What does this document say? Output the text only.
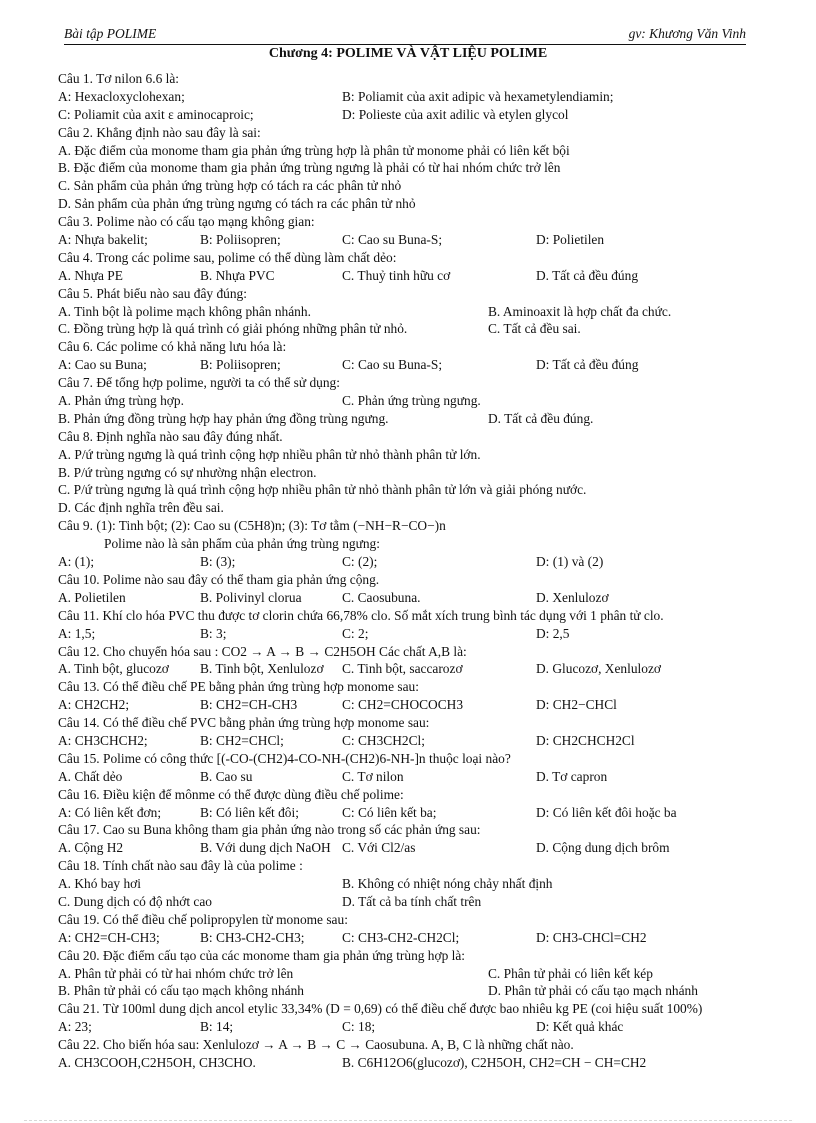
Bài tập POLIME	gv: Khương Văn Vinh
Chương 4: POLIME VÀ VẬT LIỆU POLIME
Câu 1. Tơ nilon 6.6 là:
A: Hexacloxyclohexan;	B: Poliamit của axit adipic và hexametylendiamin;
C: Poliamit của axit ε aminocaproic;	D: Polieste của axit adilic và etylen glycol
Câu 2. Khẳng định nào sau đây là sai:
A. Đặc điểm của monome tham gia phản ứng trùng hợp là phân tử monome phải có liên kết bội
B. Đặc điểm của monome tham gia phản ứng trùng ngưng là phải có từ hai nhóm chức trở lên
C. Sản phẩm của phản ứng trùng hợp có tách ra các phân tử nhỏ
D. Sản phẩm của phản ứng trùng ngưng có tách ra các phân tử nhỏ
Câu 3. Polime nào có cấu tạo mạng không gian:
A: Nhựa bakelit;	B: Poliisopren;	C: Cao su Buna-S;	D: Polietilen
Câu 4. Trong các polime sau, polime có thể dùng làm chất dẻo:
A. Nhựa PE	B. Nhựa PVC	C. Thuỷ tinh hữu cơ	D. Tất cả đều đúng
Câu 5. Phát biểu nào sau đây đúng:
A. Tinh bột là polime mạch không phân nhánh.	B. Aminoaxit là hợp chất đa chức.
C. Đồng trùng hợp là quá trình có giải phóng những phân tử nhỏ.	C. Tất cả đều sai.
Câu 6. Các polime có khả năng lưu hóa là:
A: Cao su Buna;	B: Poliisopren;	C: Cao su Buna-S;	D: Tất cả đều đúng
Câu 7. Để tổng hợp polime, người ta có thể sử dụng:
A. Phản ứng trùng hợp.	C. Phản ứng trùng ngưng.
B. Phản ứng đồng trùng hợp hay phản ứng đồng trùng ngưng.	D. Tất cả đều đúng.
Câu 8. Định nghĩa nào sau đây đúng nhất.
A. P/ứ trùng ngưng là quá trình cộng hợp nhiều phân tử nhỏ thành phân tử lớn.
B. P/ứ trùng ngưng có sự nhường nhận electron.
C. P/ứ trùng ngưng là quá trình cộng hợp nhiều phân tử nhỏ thành phân tử lớn và giải phóng nước.
D. Các định nghĩa trên đều sai.
Câu 9. (1): Tinh bột; (2): Cao su (C5H8)n; (3): Tơ tằm (−NH−R−CO−)n
Polime nào là sản phẩm của phản ứng trùng ngưng:
A: (1);	B: (3);	C: (2);	D: (1) và (2)
Câu 10. Polime nào sau đây có thể tham gia phản ứng cộng.
A. Polietilen	B. Polivinyl clorua	C. Caosubuna.	D. Xenlulozơ
Câu 11. Khí clo hóa PVC thu được tơ clorin chứa 66,78% clo. Số mắt xích trung bình tác dụng với 1 phân tử clo.
A: 1,5;	B: 3;	C: 2;	D: 2,5
Câu 12. Cho chuyển hóa sau : CO2 → A → B → C2H5OH Các chất A,B là:
A. Tinh bột, glucozơ B. Tinh bột, Xenlulozơ C. Tinh bột, saccarozơ	D. Glucozơ, Xenlulozơ
Câu 13. Có thể điều chế PE bằng phản ứng trùng hợp monome sau:
A: CH2CH2;	B: CH2=CH-CH3	C: CH2=CHOCOCH3	D: CH2−CHCl
Câu 14. Có thể điều chế PVC bằng phản ứng trùng hợp monome sau:
A: CH3CHCH2;	B: CH2=CHCl;	C: CH3CH2Cl;	D: CH2CHCH2Cl
Câu 15. Polime có công thức [(-CO-(CH2)4-CO-NH-(CH2)6-NH-]n thuộc loại nào?
A. Chất dẻo	B. Cao su	C. Tơ nilon	D. Tơ capron
Câu 16. Điều kiện để mônme có thể được dùng điều chế polime:
A: Có liên kết đơn;	B: Có liên kết đôi;	C: Có liên kết ba;	D: Có liên kết đôi hoặc ba
Câu 17. Cao su Buna không tham gia phản ứng nào trong số các phản ứng sau:
A. Cộng H2	B. Với dung dịch NaOH C. Với Cl2/as	D. Cộng dung dịch brôm
Câu 18. Tính chất nào sau đây là của polime :
A. Khó bay hơi	B. Không có nhiệt nóng chảy nhất định
C. Dung dịch có độ nhớt cao	D. Tất cả ba tính chất trên
Câu 19. Có thể điều chế polipropylen từ monome sau:
A: CH2=CH-CH3;	B: CH3-CH2-CH3;	C: CH3-CH2-CH2Cl;	D: CH3-CHCl=CH2
Câu 20. Đặc điểm cấu tạo của các monome tham gia phản ứng trùng hợp là:
A. Phân tử phải có từ hai nhóm chức trở lên	C. Phân tử phải có liên kết kép
B. Phân tử phải có cấu tạo mạch không nhánh	D. Phân tử phải có cấu tạo mạch nhánh
Câu 21. Từ 100ml dung dịch ancol etylic 33,34% (D = 0,69) có thể điều chế được bao nhiêu kg PE (coi hiệu suất 100%)
A: 23;	B: 14;	C: 18;	D: Kết quả khác
Câu 22. Cho biến hóa sau: Xenlulozơ → A → B → C → Caosubuna. A, B, C là những chất nào.
A. CH3COOH,C2H5OH, CH3CHO.	B. C6H12O6(glucozơ), C2H5OH, CH2=CH − CH=CH2
